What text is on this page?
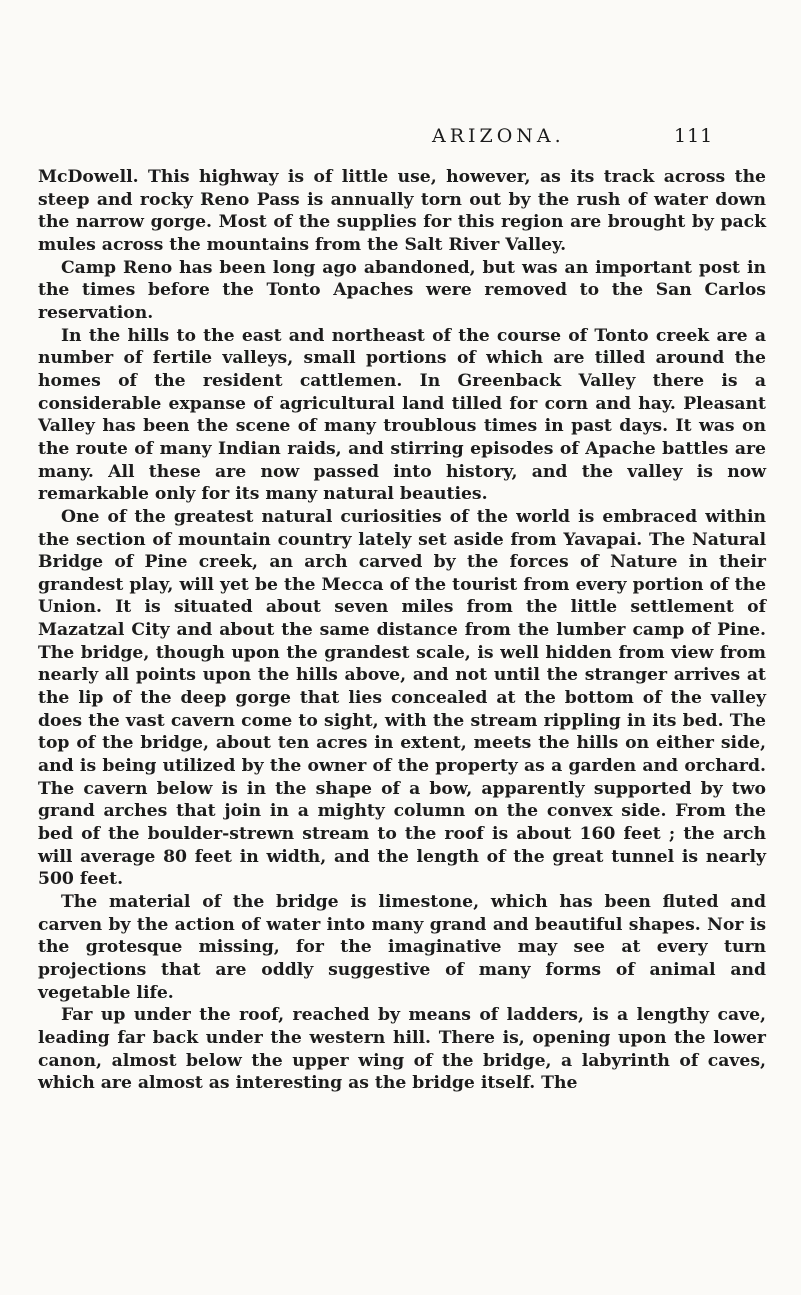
ARIZONA.	111

McDowell. This highway is of little use, however, as its track across the steep and rocky Reno Pass is annually torn out by the rush of water down the narrow gorge. Most of the supplies for this region are brought by pack mules across the mountains from the Salt River Valley.

Camp Reno has been long ago abandoned, but was an important post in the times before the Tonto Apaches were removed to the San Carlos reservation.

In the hills to the east and northeast of the course of Tonto creek are a number of fertile valleys, small portions of which are tilled around the homes of the resident cattlemen. In Greenback Valley there is a considerable expanse of agricultural land tilled for corn and hay. Pleasant Valley has been the scene of many troublous times in past days. It was on the route of many Indian raids, and stirring episodes of Apache battles are many. All these are now passed into history, and the valley is now remarkable only for its many natural beauties.

One of the greatest natural curiosities of the world is embraced within the section of mountain country lately set aside from Yavapai. The Natural Bridge of Pine creek, an arch carved by the forces of Nature in their grandest play, will yet be the Mecca of the tourist from every portion of the Union. It is situated about seven miles from the little settlement of Mazatzal City and about the same distance from the lumber camp of Pine. The bridge, though upon the grandest scale, is well hidden from view from nearly all points upon the hills above, and not until the stranger arrives at the lip of the deep gorge that lies concealed at the bottom of the valley does the vast cavern come to sight, with the stream rippling in its bed. The top of the bridge, about ten acres in extent, meets the hills on either side, and is being utilized by the owner of the property as a garden and orchard. The cavern below is in the shape of a bow, apparently supported by two grand arches that join in a mighty column on the convex side. From the bed of the boulder-strewn stream to the roof is about 160 feet ; the arch will average 80 feet in width, and the length of the great tunnel is nearly 500 feet.

The material of the bridge is limestone, which has been fluted and carven by the action of water into many grand and beautiful shapes. Nor is the grotesque missing, for the imaginative may see at every turn projections that are oddly suggestive of many forms of animal and vegetable life.

Far up under the roof, reached by means of ladders, is a lengthy cave, leading far back under the western hill. There is, opening upon the lower canon, almost below the upper wing of the bridge, a labyrinth of caves, which are almost as interesting as the bridge itself. The
